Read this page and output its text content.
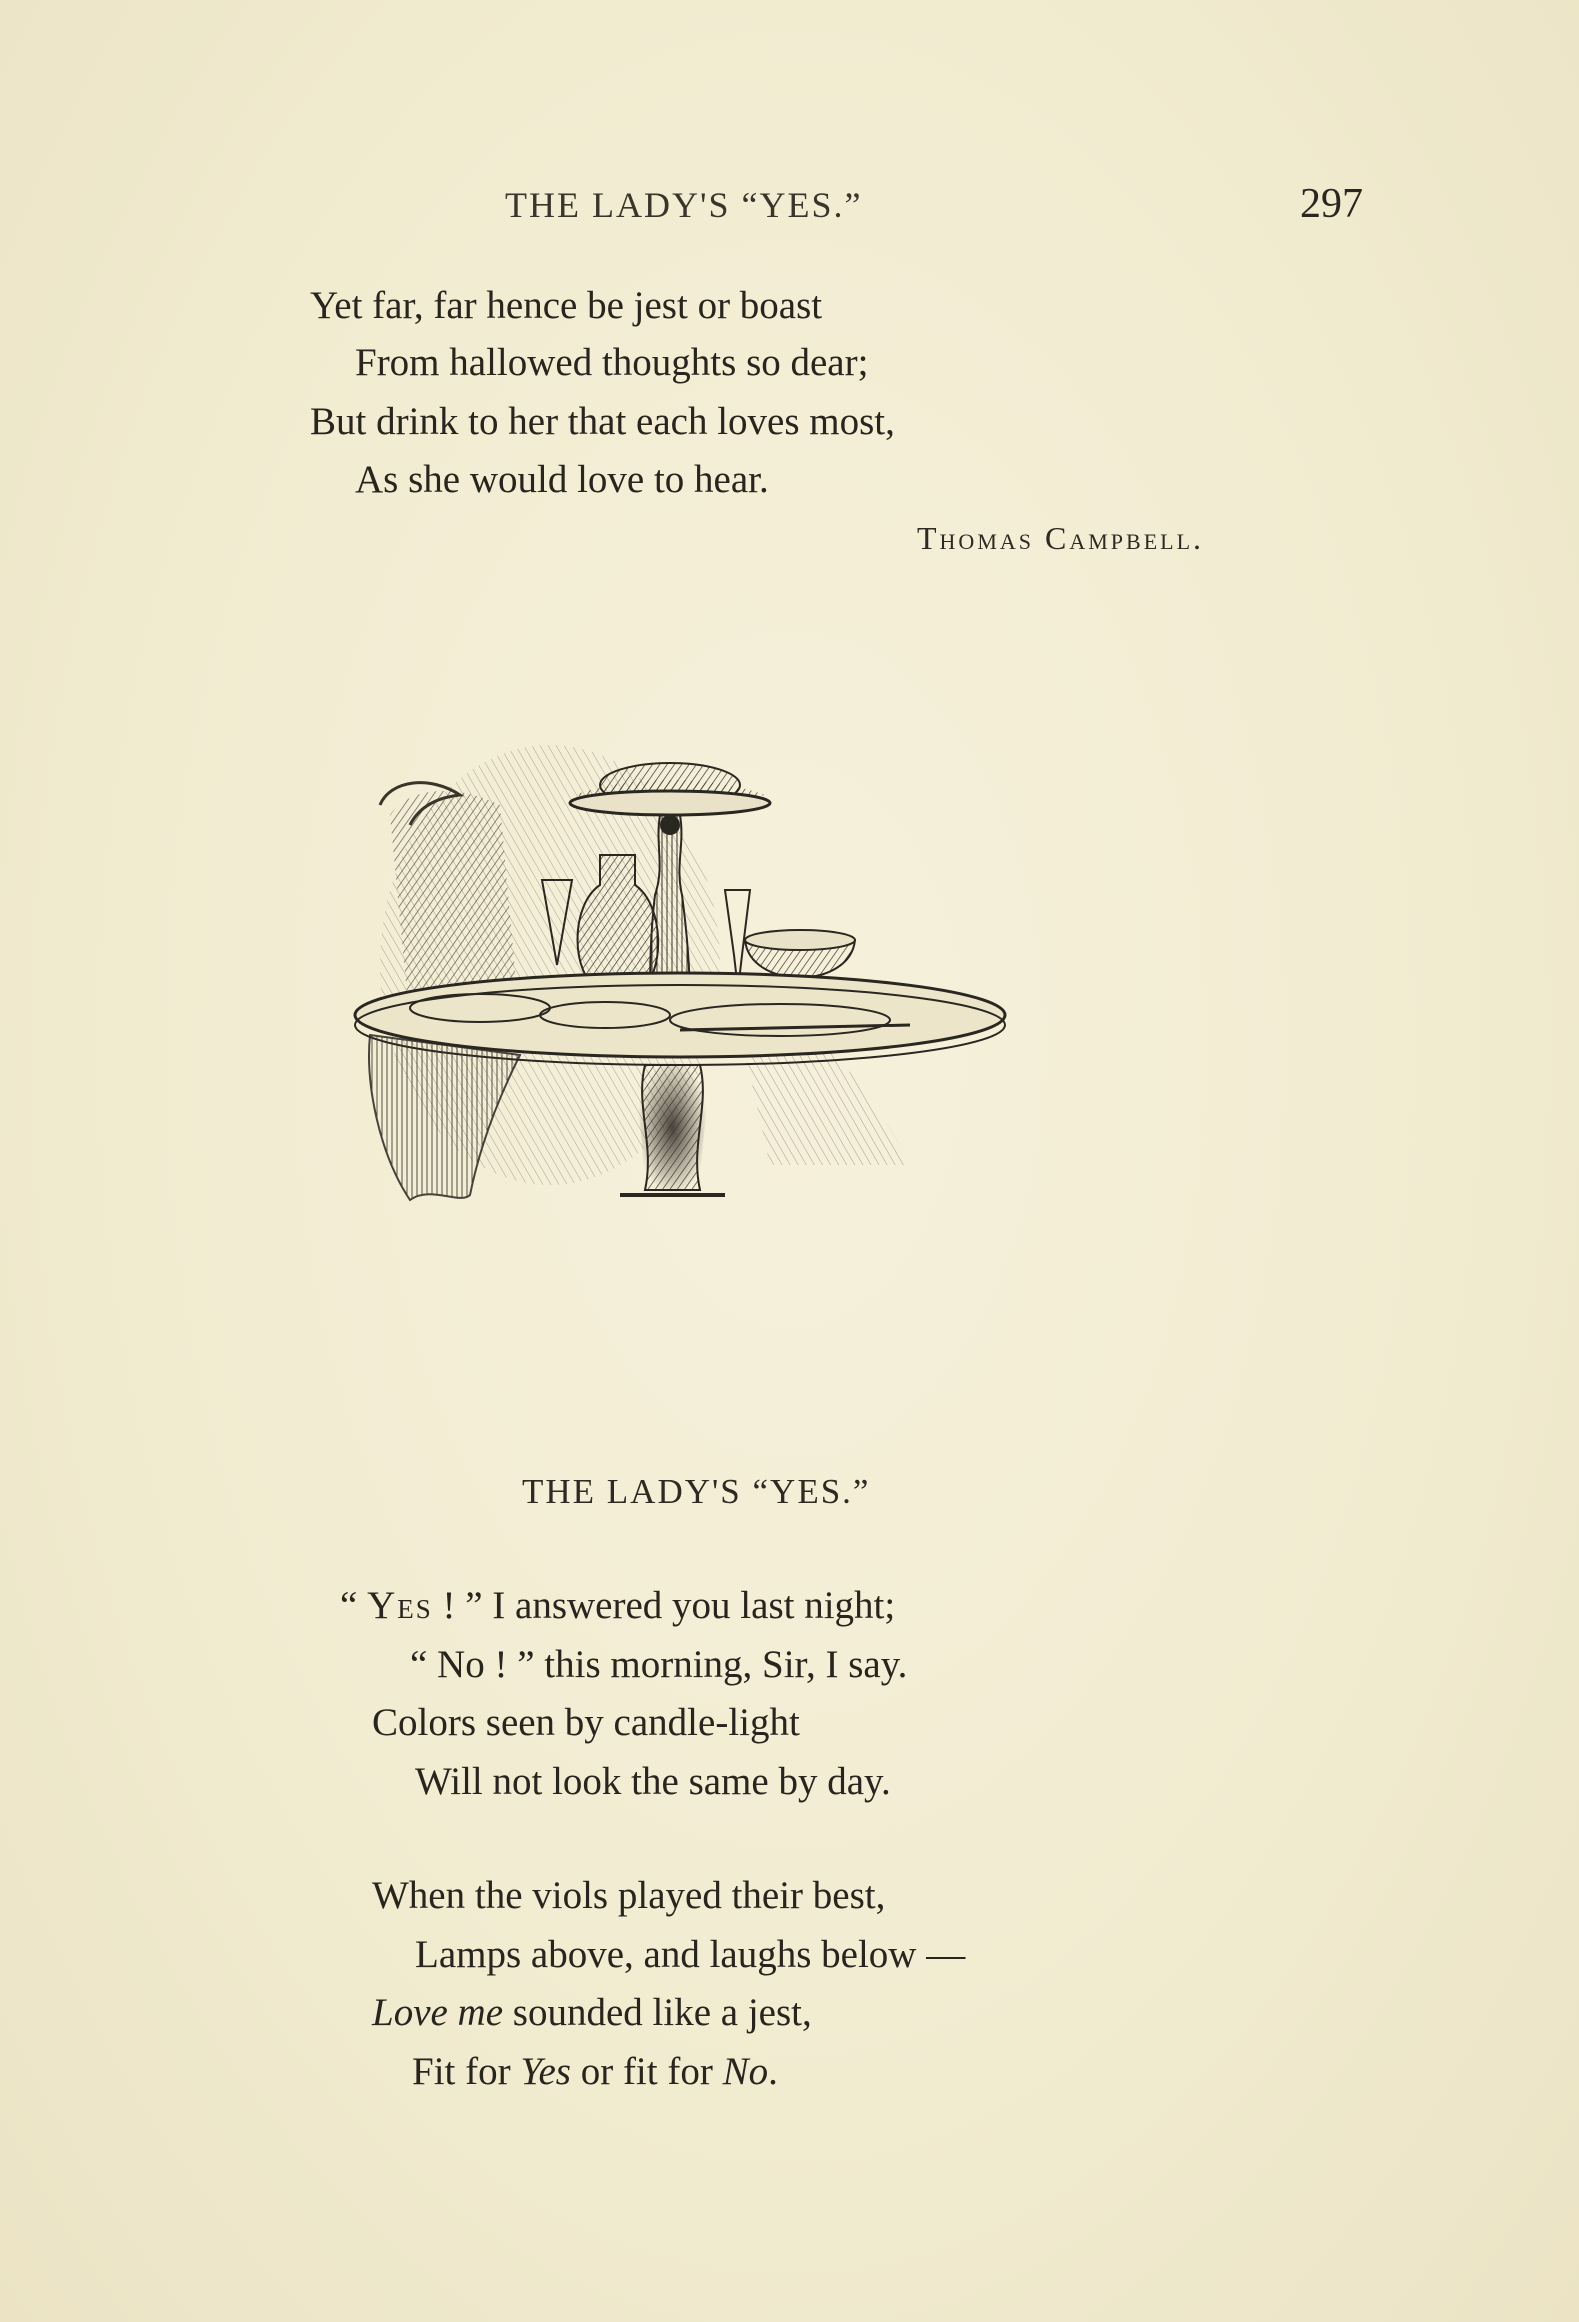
THE LADY'S “YES.”	297
Yet far, far hence be jest or boast
From hallowed thoughts so dear;
But drink to her that each loves most,
As she would love to hear.
Thomas Campbell.
THE LADY'S “YES.”
“ Yes ! ” I answered you last night;
“ No ! ” this morning, Sir, I say.
Colors seen by candle-light
Will not look the same by day.
When the viols played their best,
Lamps above, and laughs below —
Love me sounded like a jest,
Fit for Yes or fit for No.
